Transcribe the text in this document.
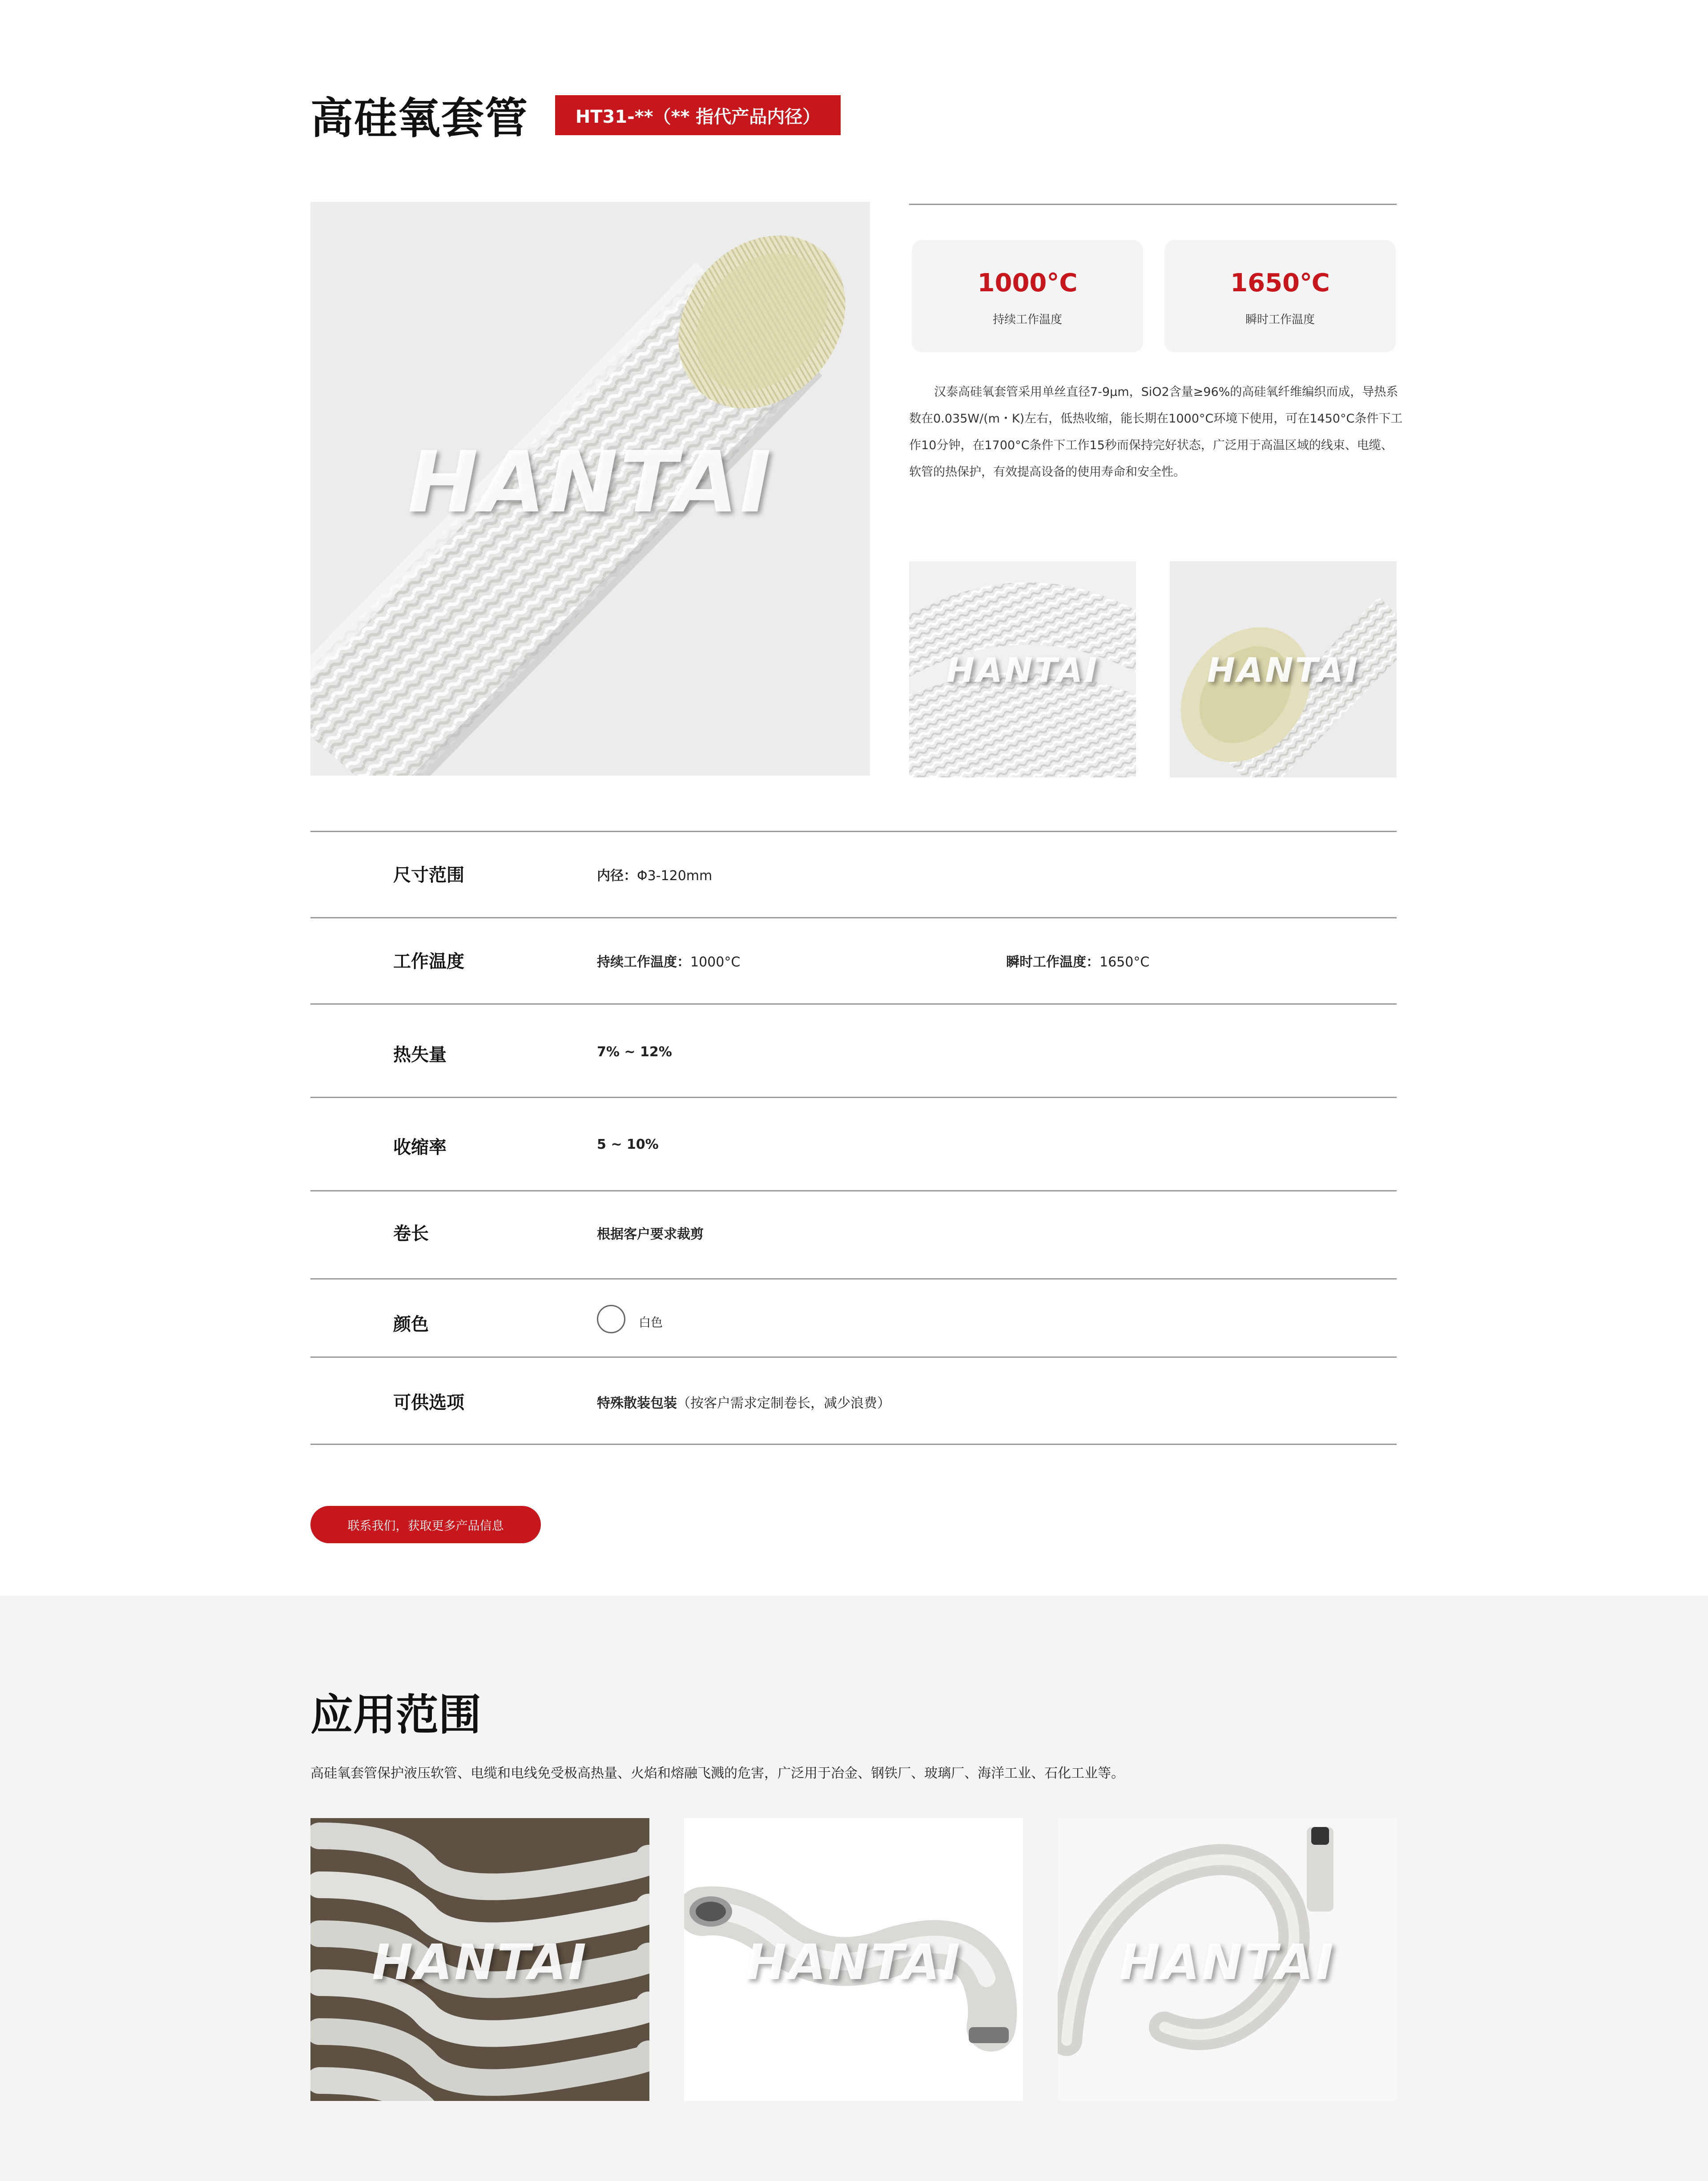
高硅氧套管	HT31-**（** 指代产品内径）
HANTAI
1000°C
持续工作温度
1650℃
瞬时工作温度
汉泰高硅氧套管采用单丝直径7-9μm，SiO2含量≥96%的高硅氧纤维编织而成，导热系数在0.035W/(m・K)左右，低热收缩，能长期在1000°C环境下使用，可在1450°C条件下工作10分钟，在1700°C条件下工作15秒而保持完好状态，广泛用于高温区域的线束、电缆、软管的热保护，有效提高设备的使用寿命和安全性。
HANTAI	HANTAI
尺寸范围	内径：Φ3-120mm
工作温度	持续工作温度：1000°C	瞬时工作温度：1650°C
热失量	7% ~ 12%
收缩率	5 ~ 10%
卷长	根据客户要求裁剪
颜色	白色
可供选项	特殊散装包装（按客户需求定制卷长，减少浪费）
联系我们，获取更多产品信息
应用范围
高硅氧套管保护液压软管、电缆和电线免受极高热量、火焰和熔融飞溅的危害，广泛用于冶金、钢铁厂、玻璃厂、海洋工业、石化工业等。
HANTAI	HANTAI	HANTAI
